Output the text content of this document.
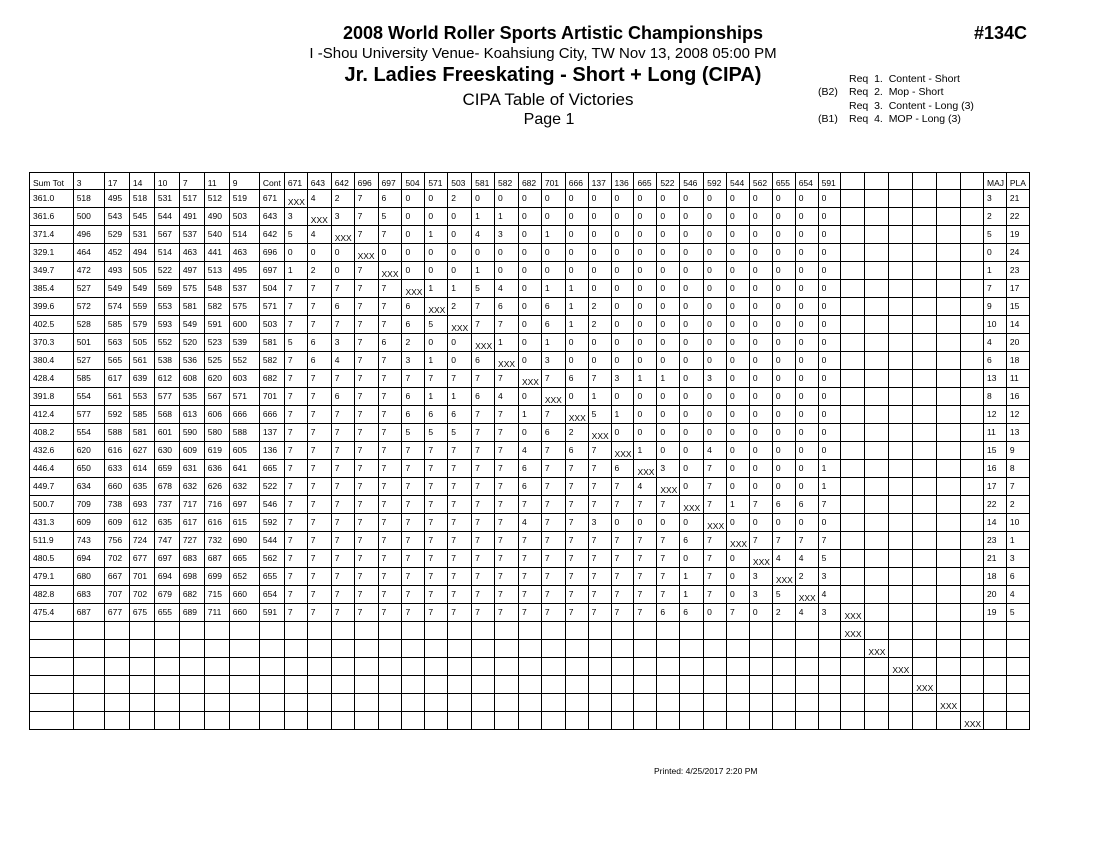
2008 World Roller Sports Artistic Championships	#134C
I -Shou University Venue- Koahsiung City, TW Nov 13, 2008 05:00 PM
Jr. Ladies Freeskating - Short + Long (CIPA)
CIPA Table of Victories
Page 1
Req  1.  Content - Short
(B2) Req  2.  Mop - Short
Req  3.  Content - Long (3)
(B1) Req  4.  MOP - Long (3)
Sum Tot	3	17	14	10	7	11	9	Cont	671	643	642	696	697	504	571	503	581	582	682	701	666	137	136	665	522	546	592	544	562	655	654	591							MAJ	PLA
361.0	518	495	518	531	517	512	519	671	XXX	4	2	7	6	0	0	2	0	0	0	0	0	0	0	0	0	0	0	0	0	0	0	0							3	21
361.6	500	543	545	544	491	490	503	643	3	XXX	3	7	5	0	0	0	1	1	0	0	0	0	0	0	0	0	0	0	0	0	0	0							2	22
371.4	496	529	531	567	537	540	514	642	5	4	XXX	7	7	0	1	0	4	3	0	1	0	0	0	0	0	0	0	0	0	0	0	0							5	19
329.1	464	452	494	514	463	441	463	696	0	0	0	XXX	0	0	0	0	0	0	0	0	0	0	0	0	0	0	0	0	0	0	0	0							0	24
349.7	472	493	505	522	497	513	495	697	1	2	0	7	XXX	0	0	0	1	0	0	0	0	0	0	0	0	0	0	0	0	0	0	0							1	23
385.4	527	549	549	569	575	548	537	504	7	7	7	7	7	XXX	1	1	5	4	0	1	1	0	0	0	0	0	0	0	0	0	0	0							7	17
399.6	572	574	559	553	581	582	575	571	7	7	6	7	7	6	XXX	2	7	6	0	6	1	2	0	0	0	0	0	0	0	0	0	0							9	15
402.5	528	585	579	593	549	591	600	503	7	7	7	7	7	6	5	XXX	7	7	0	6	1	2	0	0	0	0	0	0	0	0	0	0							10	14
370.3	501	563	505	552	520	523	539	581	5	6	3	7	6	2	0	0	XXX	1	0	1	0	0	0	0	0	0	0	0	0	0	0	0							4	20
380.4	527	565	561	538	536	525	552	582	7	6	4	7	7	3	1	0	6	XXX	0	3	0	0	0	0	0	0	0	0	0	0	0	0							6	18
428.4	585	617	639	612	608	620	603	682	7	7	7	7	7	7	7	7	7	7	XXX	7	6	7	3	1	1	0	3	0	0	0	0	0							13	11
391.8	554	561	553	577	535	567	571	701	7	7	6	7	7	6	1	1	6	4	0	XXX	0	1	0	0	0	0	0	0	0	0	0	0							8	16
412.4	577	592	585	568	613	606	666	666	7	7	7	7	7	6	6	6	7	7	1	7	XXX	5	1	0	0	0	0	0	0	0	0	0							12	12
408.2	554	588	581	601	590	580	588	137	7	7	7	7	7	5	5	5	7	7	0	6	2	XXX	0	0	0	0	0	0	0	0	0	0							11	13
432.6	620	616	627	630	609	619	605	136	7	7	7	7	7	7	7	7	7	7	4	7	6	7	XXX	1	0	0	4	0	0	0	0	0							15	9
446.4	650	633	614	659	631	636	641	665	7	7	7	7	7	7	7	7	7	7	6	7	7	7	6	XXX	3	0	7	0	0	0	0	1							16	8
449.7	634	660	635	678	632	626	632	522	7	7	7	7	7	7	7	7	7	7	6	7	7	7	7	4	XXX	0	7	0	0	0	0	1							17	7
500.7	709	738	693	737	717	716	697	546	7	7	7	7	7	7	7	7	7	7	7	7	7	7	7	7	7	XXX	7	1	7	6	6	7							22	2
431.3	609	609	612	635	617	616	615	592	7	7	7	7	7	7	7	7	7	7	4	7	7	3	0	0	0	0	XXX	0	0	0	0	0							14	10
511.9	743	756	724	747	727	732	690	544	7	7	7	7	7	7	7	7	7	7	7	7	7	7	7	7	7	6	7	XXX	7	7	7	7							23	1
480.5	694	702	677	697	683	687	665	562	7	7	7	7	7	7	7	7	7	7	7	7	7	7	7	7	7	0	7	0	XXX	4	4	5							21	3
479.1	680	667	701	694	698	699	652	655	7	7	7	7	7	7	7	7	7	7	7	7	7	7	7	7	7	1	7	0	3	XXX	2	3							18	6
482.8	683	707	702	679	682	715	660	654	7	7	7	7	7	7	7	7	7	7	7	7	7	7	7	7	7	1	7	0	3	5	XXX	4							20	4
475.4	687	677	675	655	689	711	660	591	7	7	7	7	7	7	7	7	7	7	7	7	7	7	7	7	6	6	0	7	0	2	4	3	XXX						19	5
																																	XXX							
																																		XXX						
																																			XXX					
																																				XXX				
																																					XXX			
																																						XXX		
Printed: 4/25/2017 2:20 PM
